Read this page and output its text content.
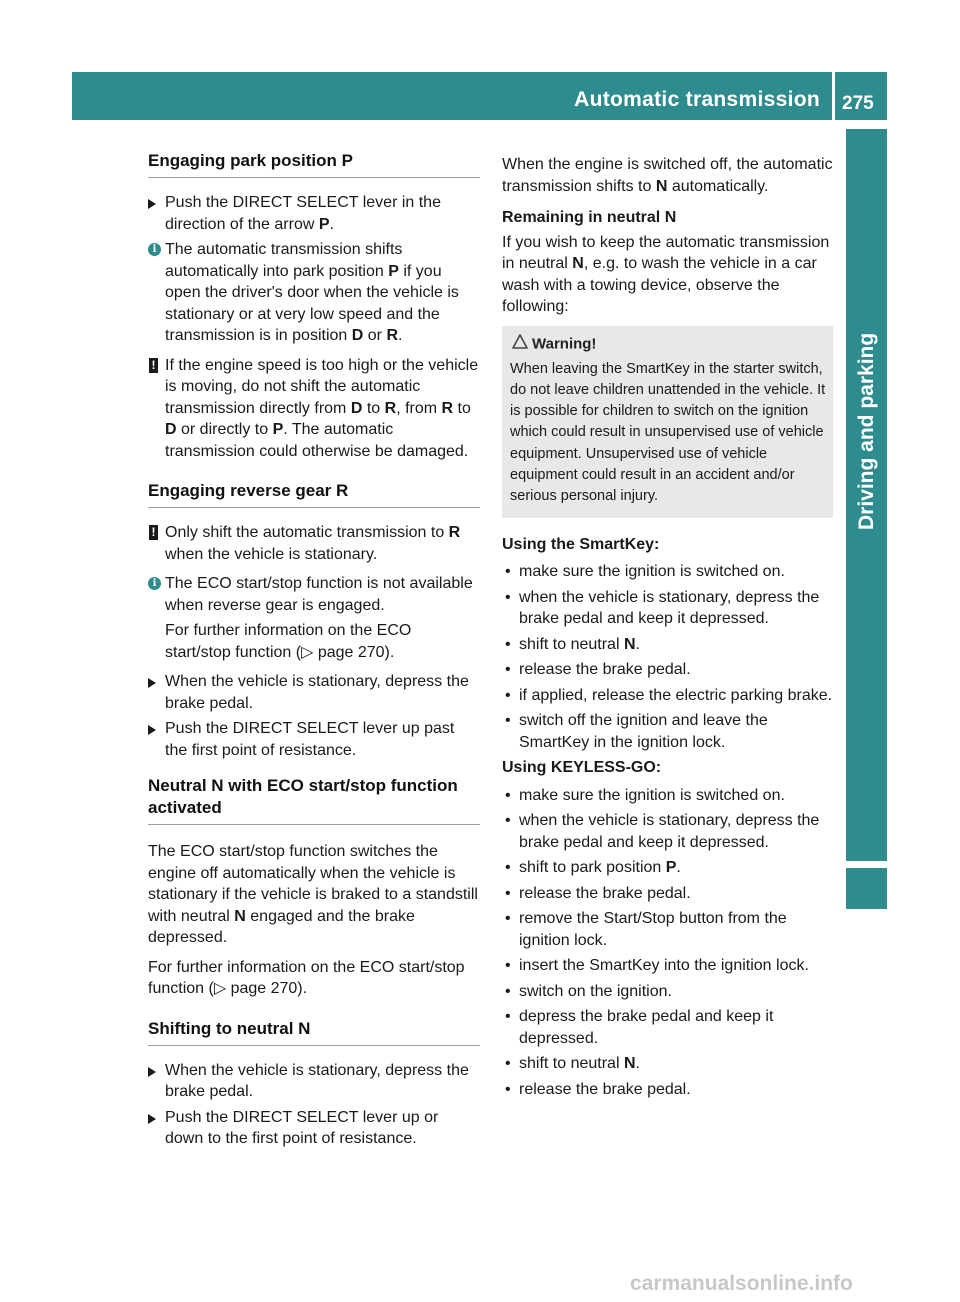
Automatic transmission 275
Driving and parking
Engaging park position P
Push the DIRECT SELECT lever in the direction of the arrow P.
i The automatic transmission shifts automatically into park position P if you open the driver's door when the vehicle is stationary or at very low speed and the transmission is in position D or R.
! If the engine speed is too high or the vehicle is moving, do not shift the automatic transmission directly from D to R, from R to D or directly to P. The automatic transmission could otherwise be damaged.
Engaging reverse gear R
! Only shift the automatic transmission to R when the vehicle is stationary.
i The ECO start/stop function is not available when reverse gear is engaged.
For further information on the ECO start/stop function (▷ page 270).
When the vehicle is stationary, depress the brake pedal.
Push the DIRECT SELECT lever up past the first point of resistance.
Neutral N with ECO start/stop function activated
The ECO start/stop function switches the engine off automatically when the vehicle is stationary if the vehicle is braked to a standstill with neutral N engaged and the brake depressed.
For further information on the ECO start/stop function (▷ page 270).
Shifting to neutral N
When the vehicle is stationary, depress the brake pedal.
Push the DIRECT SELECT lever up or down to the first point of resistance.
When the engine is switched off, the automatic transmission shifts to N automatically.
Remaining in neutral N
If you wish to keep the automatic transmission in neutral N, e.g. to wash the vehicle in a car wash with a towing device, observe the following:
Warning!
When leaving the SmartKey in the starter switch, do not leave children unattended in the vehicle. It is possible for children to switch on the ignition which could result in unsupervised use of vehicle equipment. Unsupervised use of vehicle equipment could result in an accident and/or serious personal injury.
Using the SmartKey:
• make sure the ignition is switched on.
• when the vehicle is stationary, depress the brake pedal and keep it depressed.
• shift to neutral N.
• release the brake pedal.
• if applied, release the electric parking brake.
• switch off the ignition and leave the SmartKey in the ignition lock.
Using KEYLESS-GO:
• make sure the ignition is switched on.
• when the vehicle is stationary, depress the brake pedal and keep it depressed.
• shift to park position P.
• release the brake pedal.
• remove the Start/Stop button from the ignition lock.
• insert the SmartKey into the ignition lock.
• switch on the ignition.
• depress the brake pedal and keep it depressed.
• shift to neutral N.
• release the brake pedal.
carmanualsonline.info
